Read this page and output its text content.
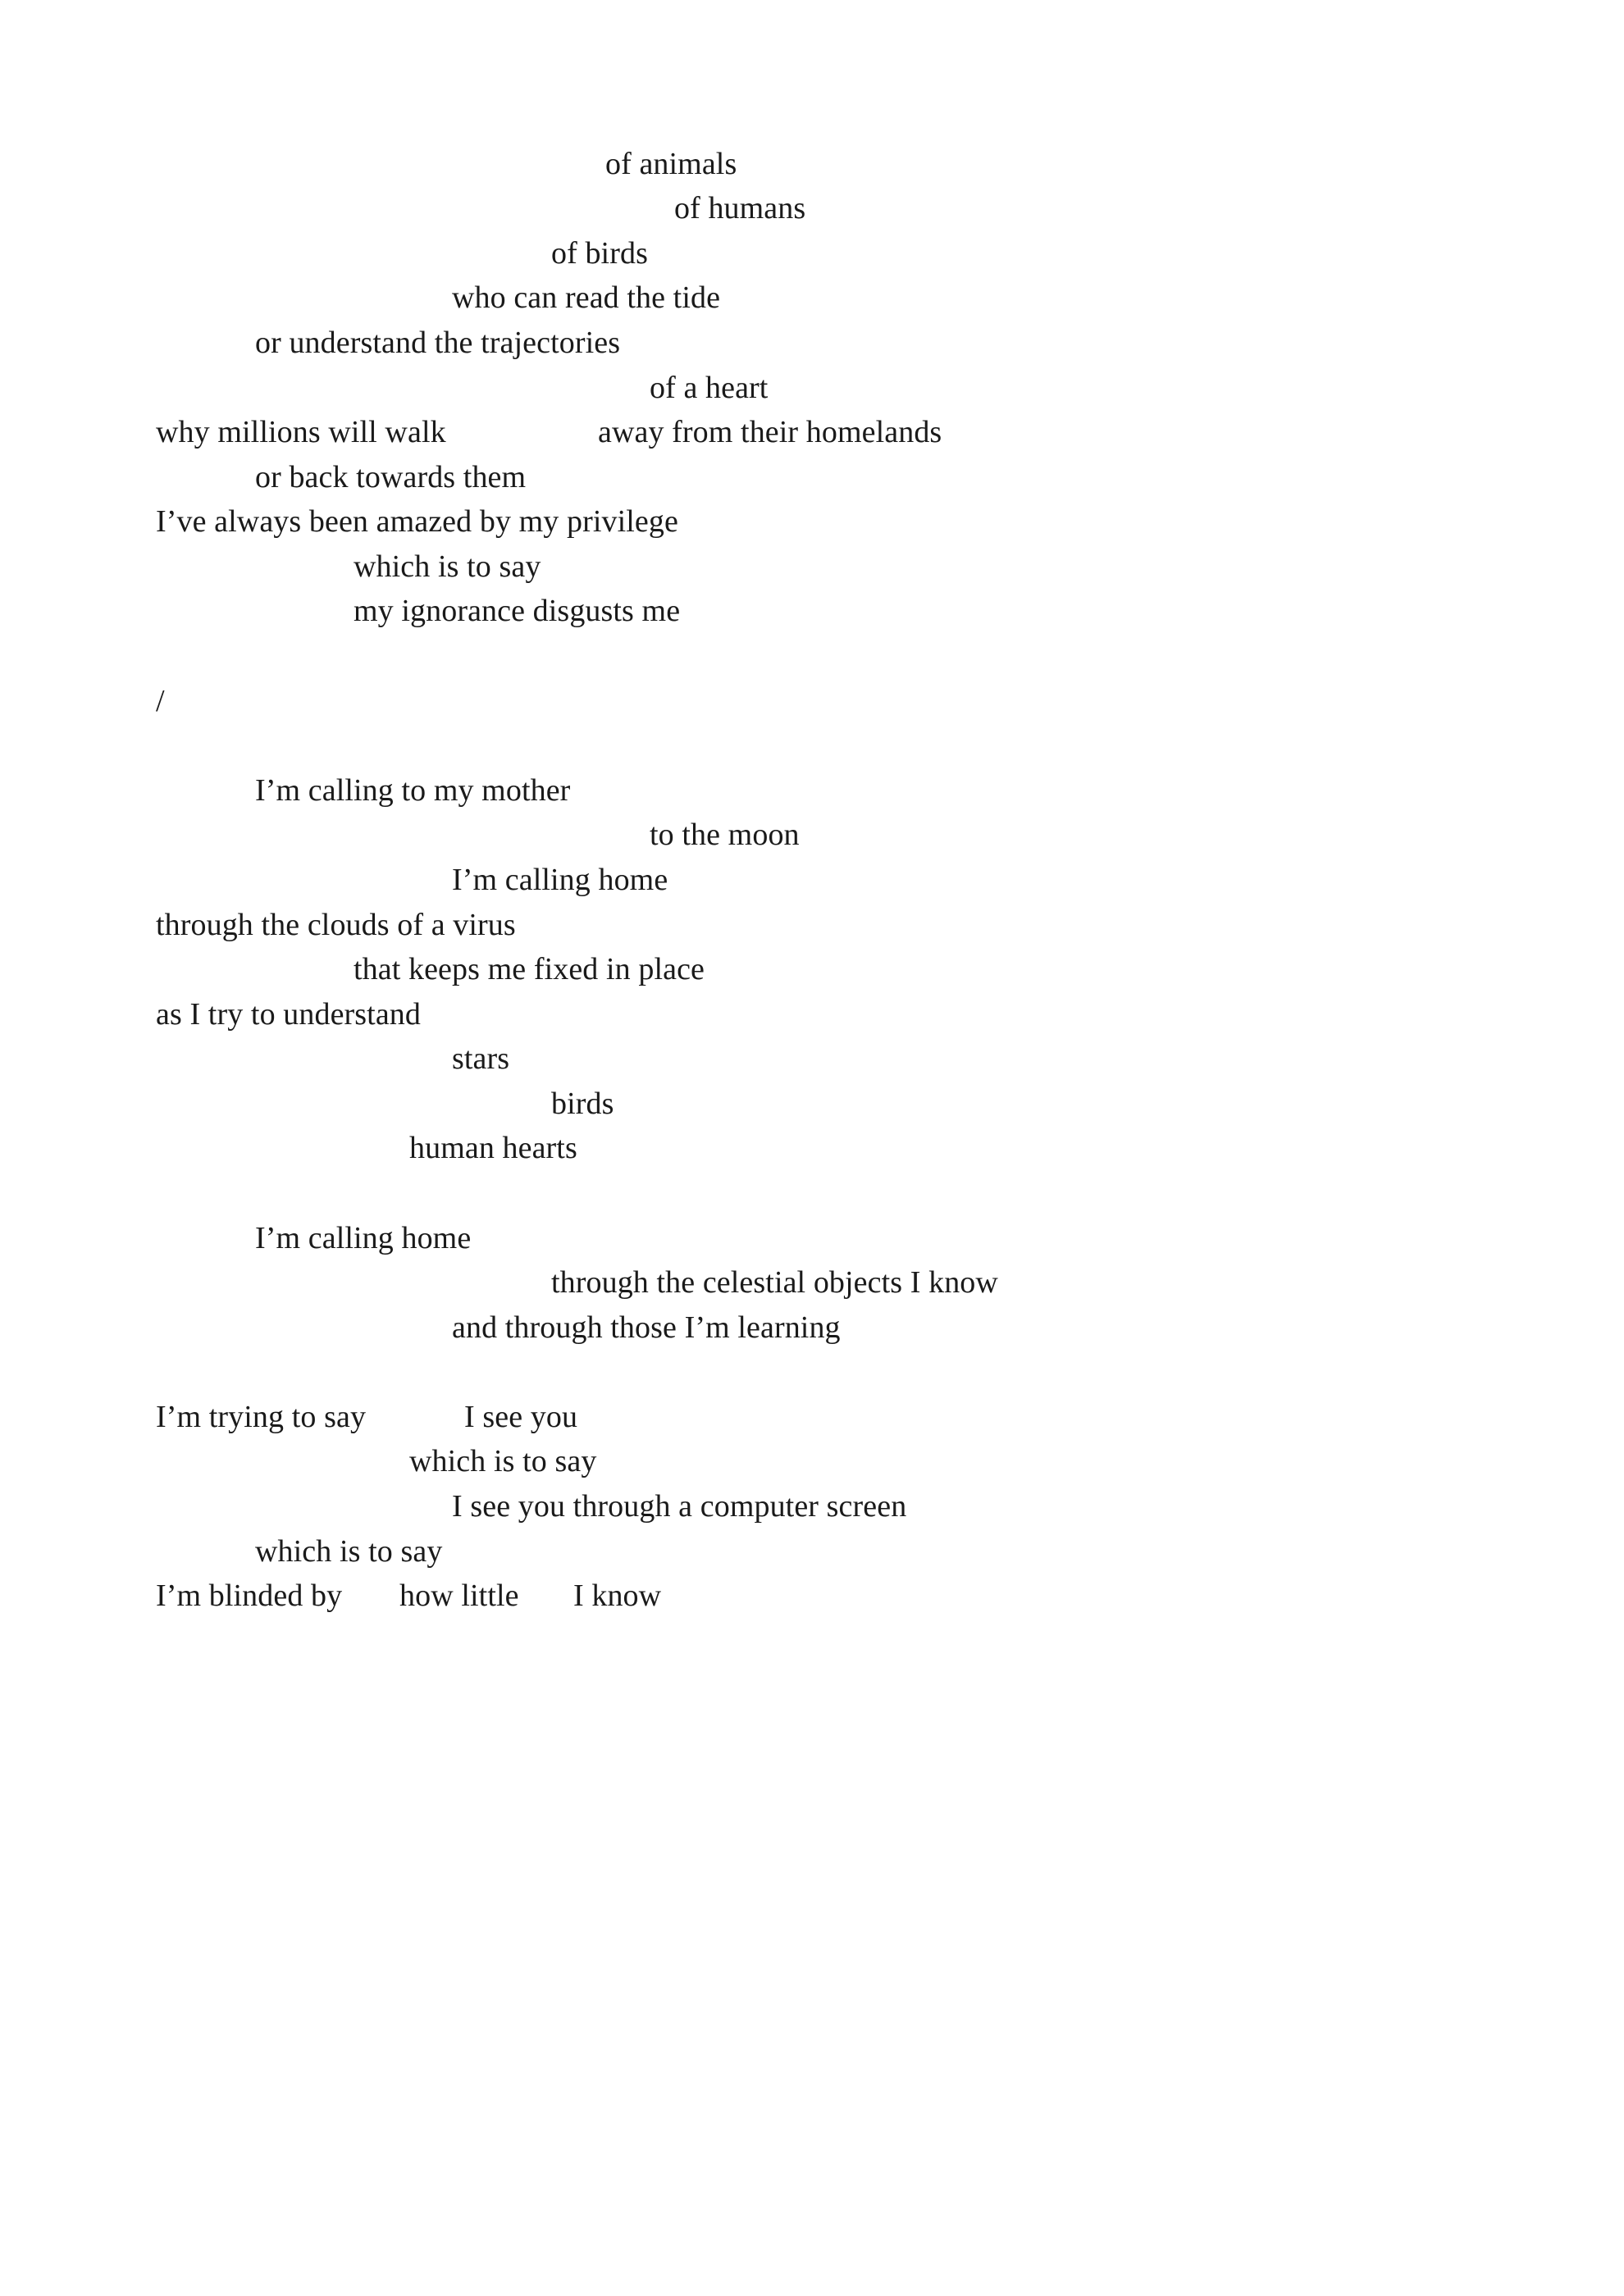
of animals
of humans
of birds
who can read the tide
or understand the trajectories
of a heart
why millions will walk	away from their homelands
or back towards them
I’ve always been amazed by my privilege
which is to say
my ignorance disgusts me
/
I’m calling to my mother
to the moon
I’m calling home
through the clouds of a virus
that keeps me fixed in place
as I try to understand
stars
birds
human hearts
I’m calling home
through the celestial objects I know
and through those I’m learning
I’m trying to say	I see you
which is to say
I see you through a computer screen
which is to say
I’m blinded by how little I know
